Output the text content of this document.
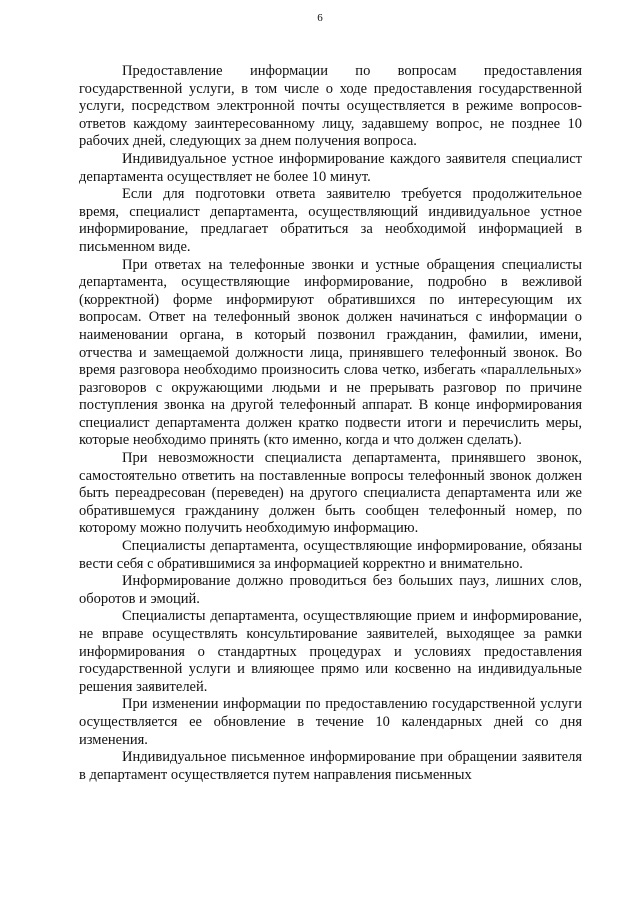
6

Предоставление информации по вопросам предоставления государственной услуги, в том числе о ходе предоставления государственной услуги, посредством электронной почты осуществляется в режиме вопросов-ответов каждому заинтересованному лицу, задавшему вопрос, не позднее 10 рабочих дней, следующих за днем получения вопроса.

Индивидуальное устное информирование каждого заявителя специалист департамента осуществляет не более 10 минут.

Если для подготовки ответа заявителю требуется продолжительное время, специалист департамента, осуществляющий индивидуальное устное информирование, предлагает обратиться за необходимой информацией в письменном виде.

При ответах на телефонные звонки и устные обращения специалисты департамента, осуществляющие информирование, подробно в вежливой (корректной) форме информируют обратившихся по интересующим их вопросам. Ответ на телефонный звонок должен начинаться с информации о наименовании органа, в который позвонил гражданин, фамилии, имени, отчества и замещаемой должности лица, принявшего телефонный звонок. Во время разговора необходимо произносить слова четко, избегать «параллельных» разговоров с окружающими людьми и не прерывать разговор по причине поступления звонка на другой телефонный аппарат. В конце информирования специалист департамента должен кратко подвести итоги и перечислить меры, которые необходимо принять (кто именно, когда и что должен сделать).

При невозможности специалиста департамента, принявшего звонок, самостоятельно ответить на поставленные вопросы телефонный звонок должен быть переадресован (переведен) на другого специалиста департамента или же обратившемуся гражданину должен быть сообщен телефонный номер, по которому можно получить необходимую информацию.

Специалисты департамента, осуществляющие информирование, обязаны вести себя с обратившимися за информацией корректно и внимательно.

Информирование должно проводиться без больших пауз, лишних слов, оборотов и эмоций.

Специалисты департамента, осуществляющие прием и информирование, не вправе осуществлять консультирование заявителей, выходящее за рамки информирования о стандартных процедурах и условиях предоставления государственной услуги и влияющее прямо или косвенно на индивидуальные решения заявителей.

При изменении информации по предоставлению государственной услуги осуществляется ее обновление в течение 10 календарных дней со дня изменения.

Индивидуальное письменное информирование при обращении заявителя в департамент осуществляется путем направления письменных
